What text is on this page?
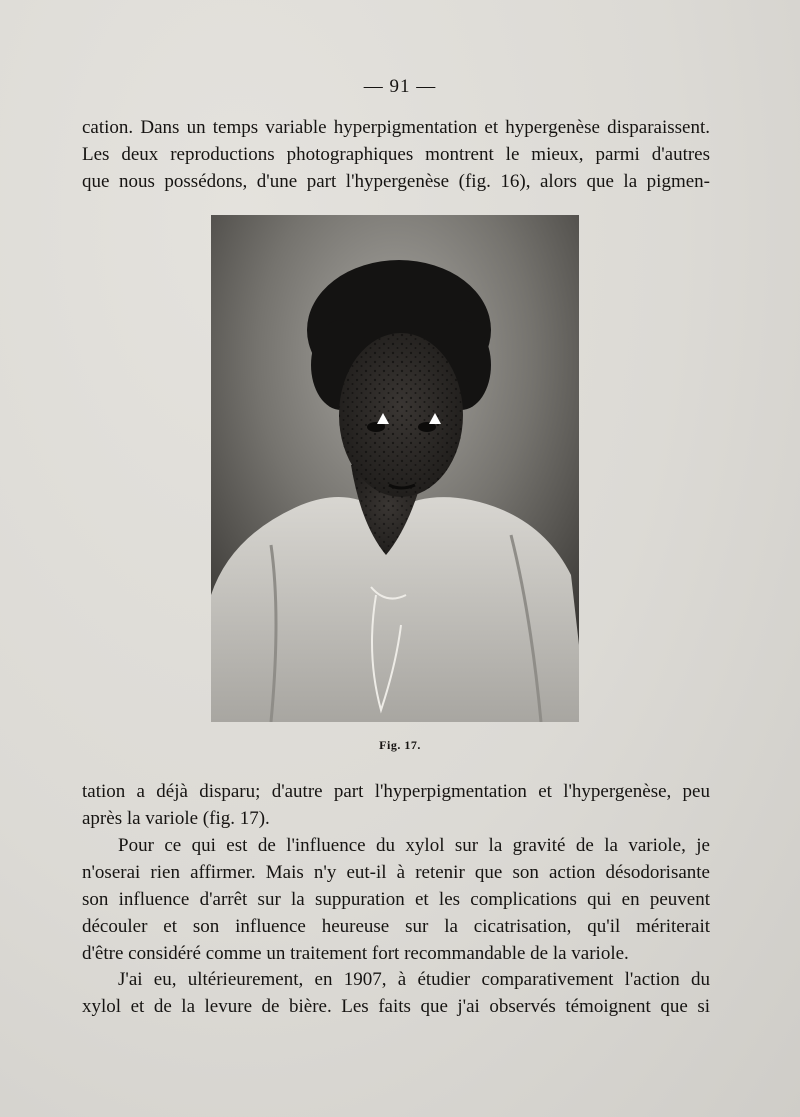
— 91 —

cation. Dans un temps variable hyperpigmentation et hypergenèse disparaissent.
Les deux reproductions photographiques montrent le mieux, parmi d'autres
que nous possédons, d'une part l'hypergenèse (fig. 16), alors que la pigmen-

Fig. 17.

tation a déjà disparu; d'autre part l'hyperpigmentation et l'hypergenèse, peu
après la variole (fig. 17).

Pour ce qui est de l'influence du xylol sur la gravité de la variole, je
n'oserai rien affirmer. Mais n'y eut-il à retenir que son action désodorisante
son influence d'arrêt sur la suppuration et les complications qui en peuvent
découler et son influence heureuse sur la cicatrisation, qu'il mériterait
d'être considéré comme un traitement fort recommandable de la variole.

J'ai eu, ultérieurement, en 1907, à étudier comparativement l'action du
xylol et de la levure de bière. Les faits que j'ai observés témoignent que si
